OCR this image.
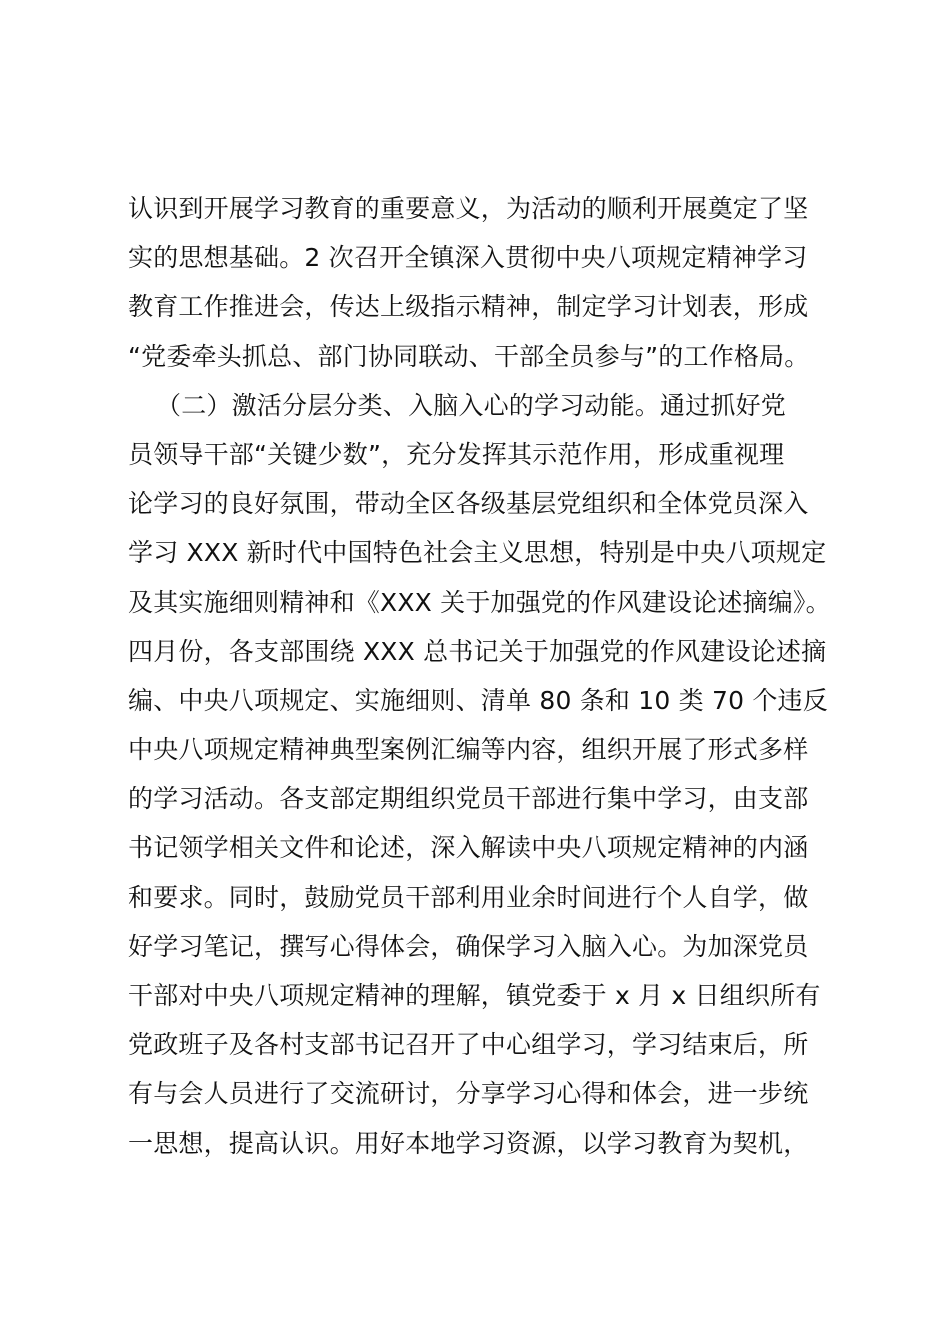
认识到开展学习教育的重要意义，为活动的顺利开展奠定了坚
实的思想基础。2 次召开全镇深入贯彻中央八项规定精神学习
教育工作推进会，传达上级指示精神，制定学习计划表，形成
“党委牵头抓总、部门协同联动、干部全员参与”的工作格局。
（二）激活分层分类、入脑入心的学习动能。通过抓好党
员领导干部“关键少数”，充分发挥其示范作用，形成重视理
论学习的良好氛围，带动全区各级基层党组织和全体党员深入
学习 XXX 新时代中国特色社会主义思想，特别是中央八项规定
及其实施细则精神和《XXX 关于加强党的作风建设论述摘编》。
四月份，各支部围绕 XXX 总书记关于加强党的作风建设论述摘
编、中央八项规定、实施细则、清单 80 条和 10 类 70 个违反
中央八项规定精神典型案例汇编等内容，组织开展了形式多样
的学习活动。各支部定期组织党员干部进行集中学习，由支部
书记领学相关文件和论述，深入解读中央八项规定精神的内涵
和要求。同时，鼓励党员干部利用业余时间进行个人自学，做
好学习笔记，撰写心得体会，确保学习入脑入心。为加深党员
干部对中央八项规定精神的理解，镇党委于 x 月 x 日组织所有
党政班子及各村支部书记召开了中心组学习，学习结束后，所
有与会人员进行了交流研讨，分享学习心得和体会，进一步统
一思想，提高认识。用好本地学习资源，以学习教育为契机，
